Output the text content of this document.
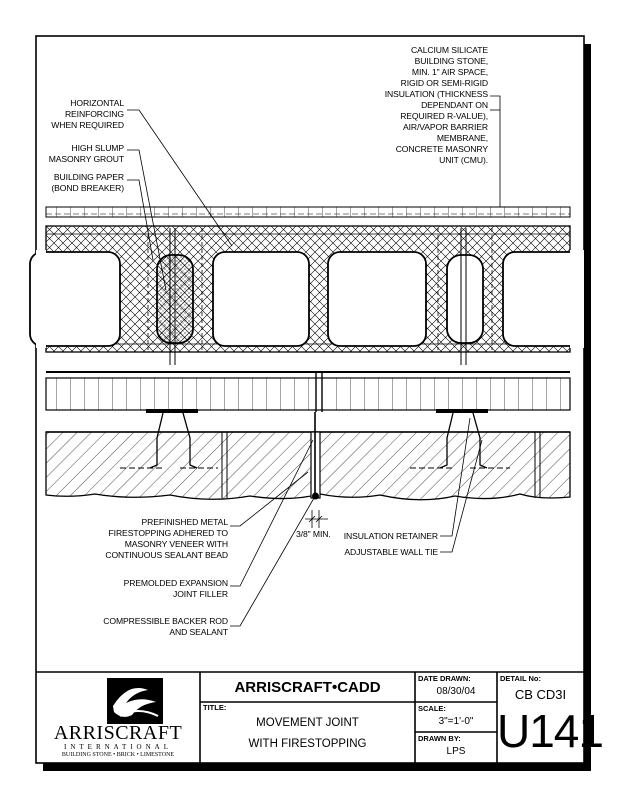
HORIZONTAL
REINFORCING
WHEN REQUIRED
HIGH SLUMP
MASONRY GROUT
BUILDING PAPER
(BOND BREAKER)
CALCIUM SILICATE
BUILDING STONE,
MIN. 1" AIR SPACE,
RIGID OR SEMI-RIGID
INSULATION (THICKNESS
DEPENDANT ON
REQUIRED R-VALUE),
AIR/VAPOR BARRIER
MEMBRANE,
CONCRETE MASONRY
UNIT (CMU).
PREFINISHED METAL
FIRESTOPPING ADHERED TO
MASONRY VENEER WITH
CONTINUOUS SEALANT BEAD
PREMOLDED EXPANSION
JOINT FILLER
COMPRESSIBLE BACKER ROD
AND SEALANT
3/8" MIN.	INSULATION RETAINER
ADJUSTABLE WALL TIE
ARRISCRAFT
INTERNATIONAL
BUILDING STONE • BRICK • LIMESTONE
ARRISCRAFT•CADD
TITLE:
MOVEMENT JOINT
WITH FIRESTOPPING
DATE DRAWN:
08/30/04
SCALE:
3"=1'-0"
DRAWN BY:
LPS
DETAIL No:
CB CD3I
U141
